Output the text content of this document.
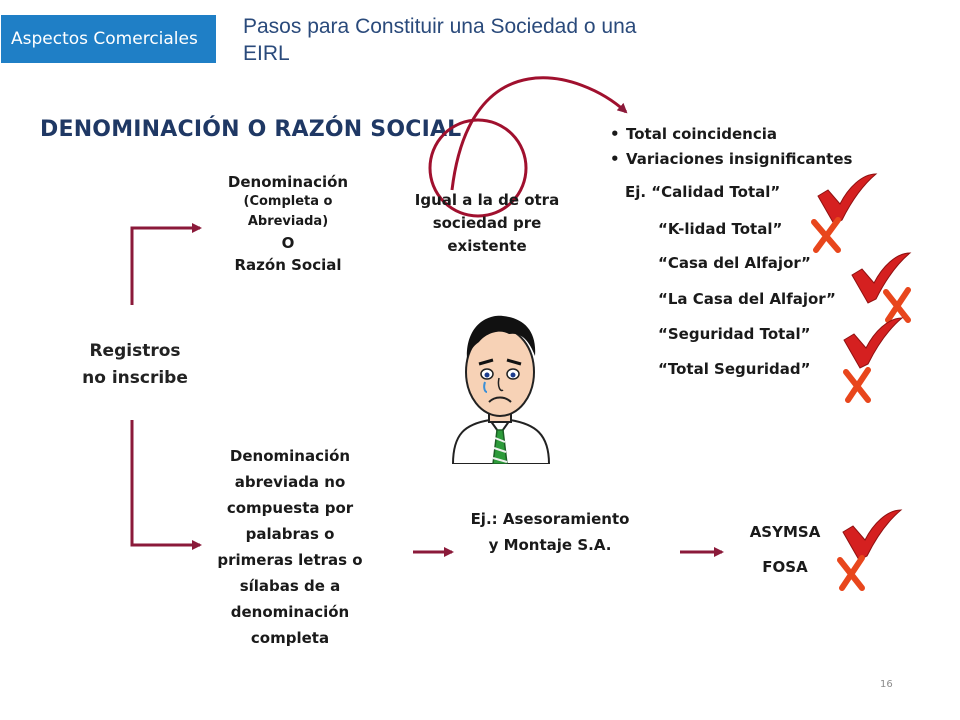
Aspectos Comerciales
Pasos para Constituir una Sociedad o una
EIRL
DENOMINACIÓN O RAZÓN SOCIAL
Registros
no inscribe
Denominación
(Completa o
Abreviada)
O
Razón Social
Igual a la de otra
sociedad pre
existente
• Total coincidencia
• Variaciones insignificantes
Ej. “Calidad Total”
“K-lidad Total”
“Casa del Alfajor”
“La Casa del Alfajor”
“Seguridad Total”
“Total Seguridad”
Denominación
abreviada no
compuesta por
palabras o
primeras letras o
sílabas de a
denominación
completa
Ej.: Asesoramiento
y Montaje S.A.
ASYMSA
FOSA
16
